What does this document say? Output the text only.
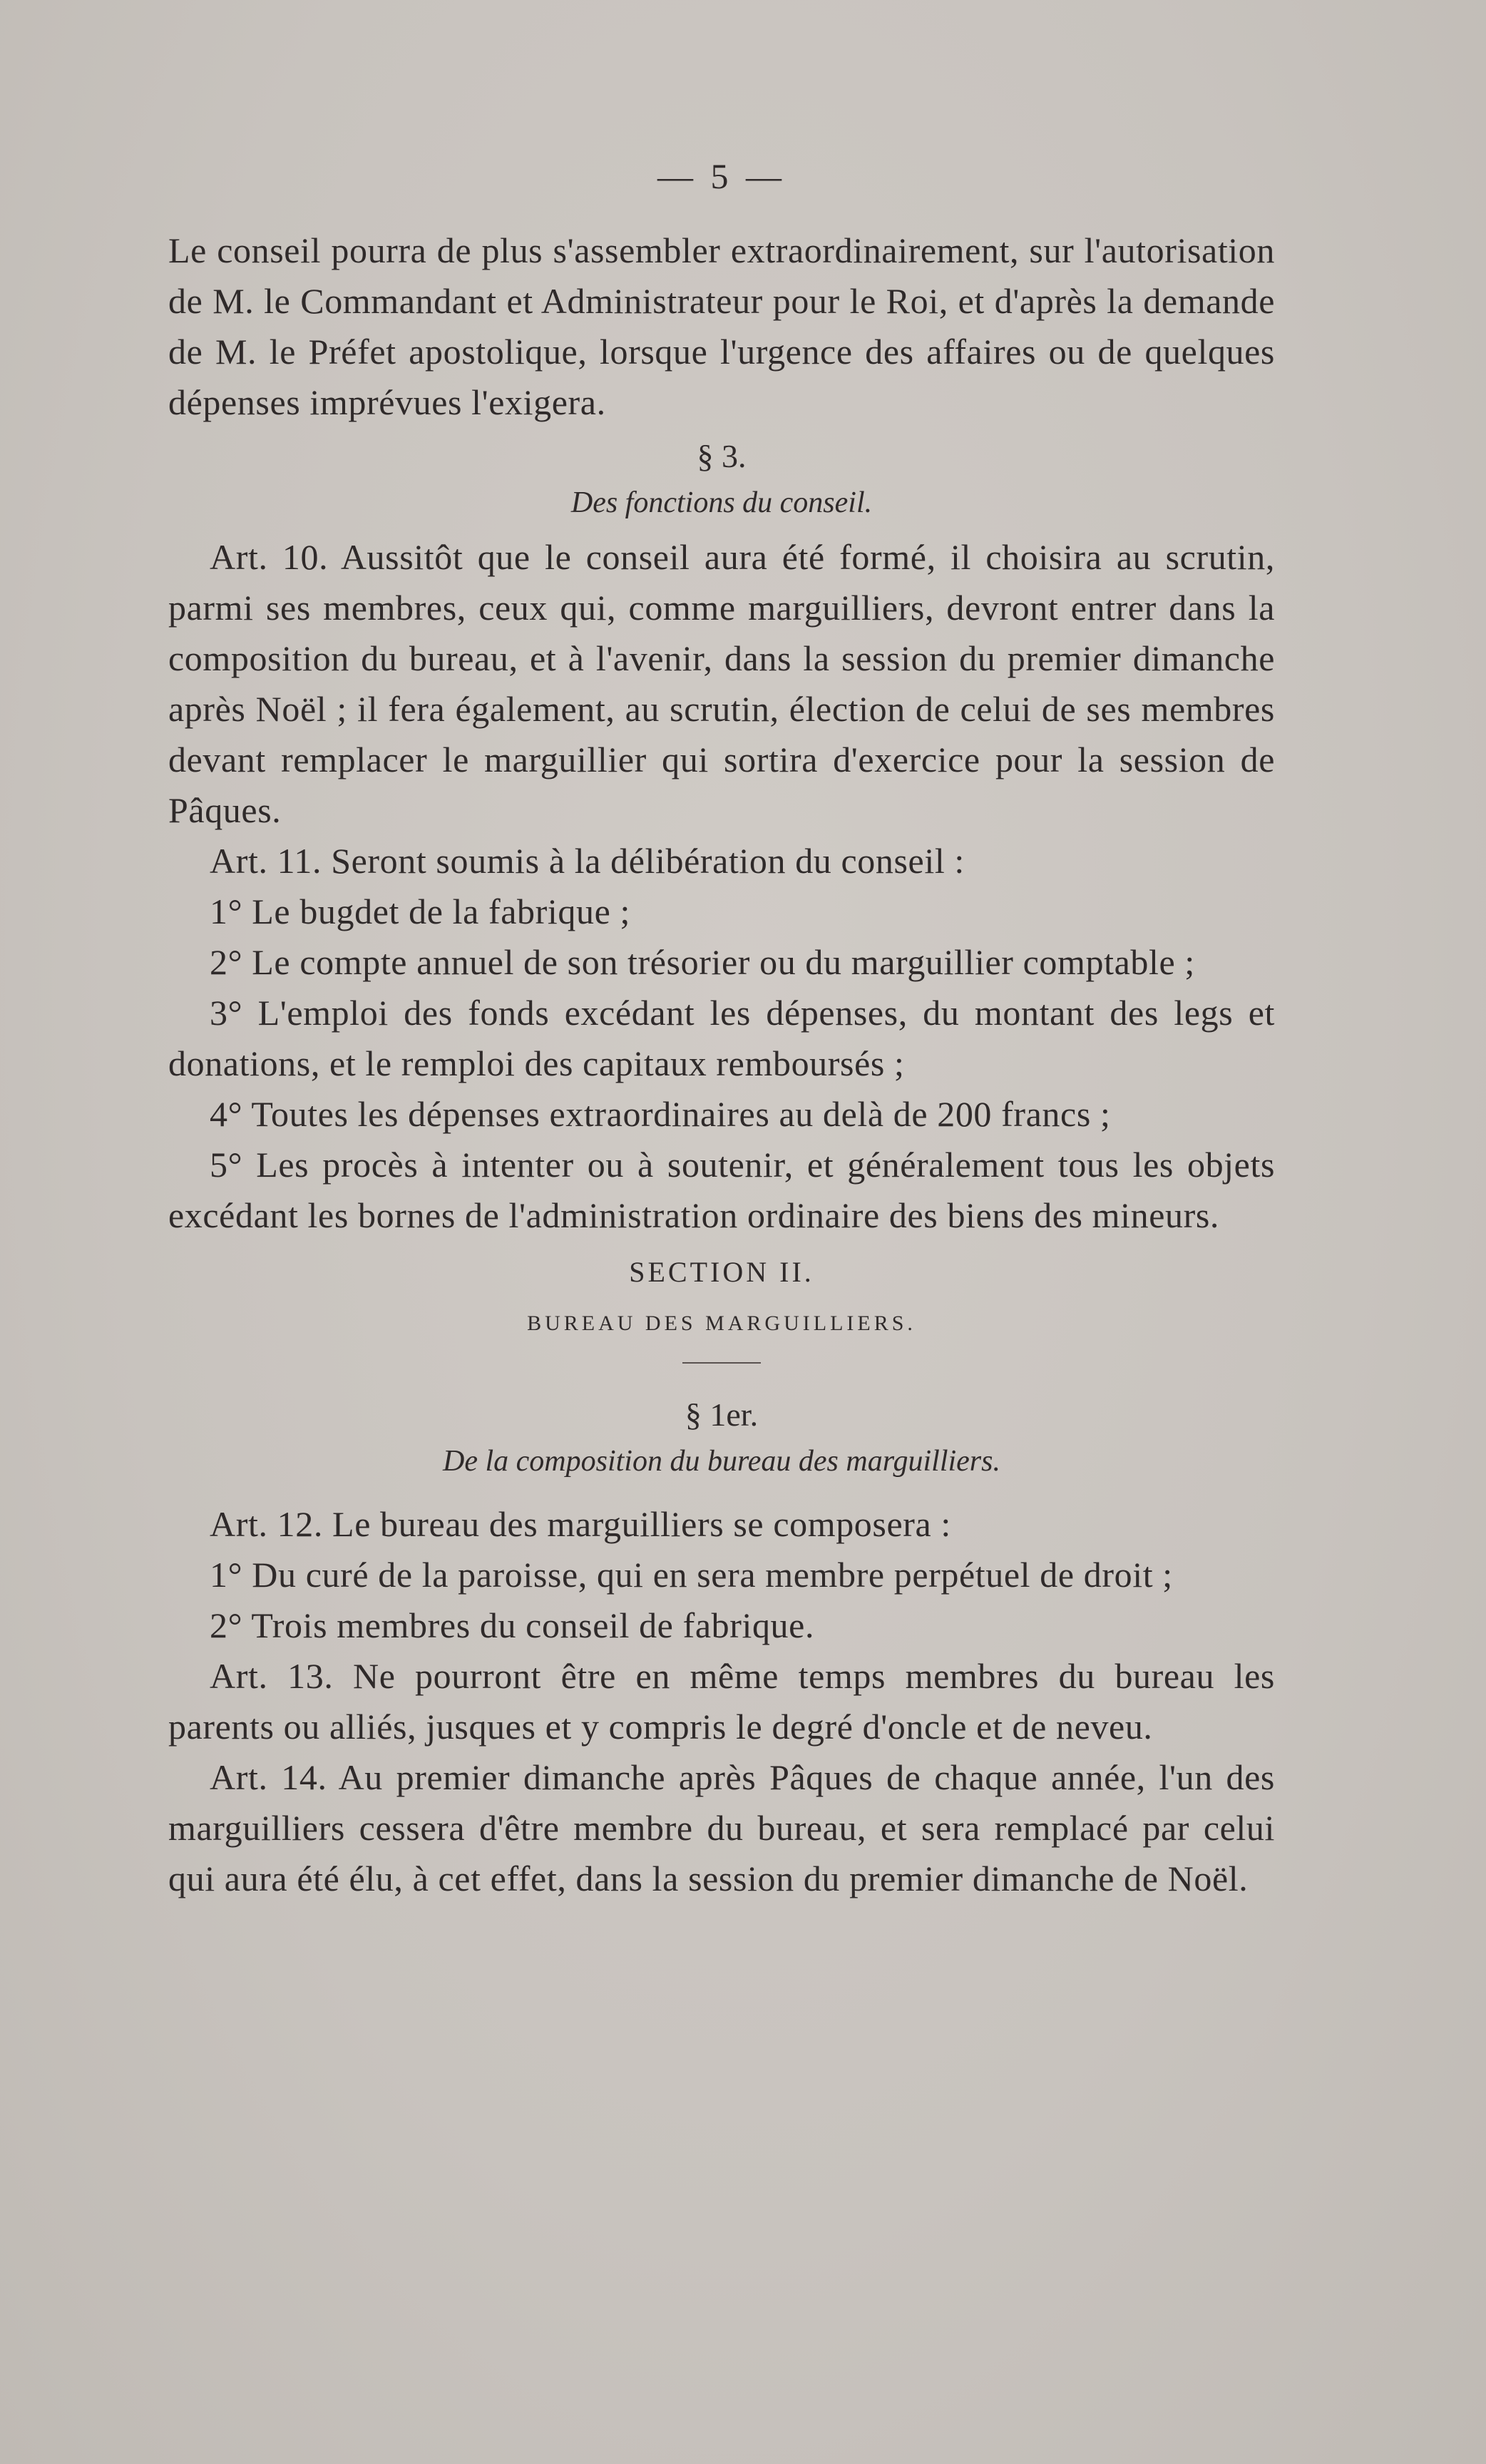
— 5 —

Le conseil pourra de plus s'assembler extraordinairement, sur l'autorisation de M. le Commandant et Administrateur pour le Roi, et d'après la demande de M. le Préfet apostolique, lorsque l'urgence des affaires ou de quelques dépenses imprévues l'exigera.

§ 3.
Des fonctions du conseil.

Art. 10. Aussitôt que le conseil aura été formé, il choisira au scrutin, parmi ses membres, ceux qui, comme marguilliers, devront entrer dans la composition du bureau, et à l'avenir, dans la session du premier dimanche après Noël ; il fera également, au scrutin, élection de celui de ses membres devant remplacer le marguillier qui sortira d'exercice pour la session de Pâques.

Art. 11. Seront soumis à la délibération du conseil :

1° Le bugdet de la fabrique ;

2° Le compte annuel de son trésorier ou du marguillier comptable ;

3° L'emploi des fonds excédant les dépenses, du montant des legs et donations, et le remploi des capitaux remboursés ;

4° Toutes les dépenses extraordinaires au delà de 200 francs ;

5° Les procès à intenter ou à soutenir, et généralement tous les objets excédant les bornes de l'administration ordinaire des biens des mineurs.

SECTION II.
BUREAU DES MARGUILLIERS.
§ 1er.
De la composition du bureau des marguilliers.

Art. 12. Le bureau des marguilliers se composera :

1° Du curé de la paroisse, qui en sera membre perpétuel de droit ;

2° Trois membres du conseil de fabrique.

Art. 13. Ne pourront être en même temps membres du bureau les parents ou alliés, jusques et y compris le degré d'oncle et de neveu.

Art. 14. Au premier dimanche après Pâques de chaque année, l'un des marguilliers cessera d'être membre du bureau, et sera remplacé par celui qui aura été élu, à cet effet, dans la session du premier dimanche de Noël.
